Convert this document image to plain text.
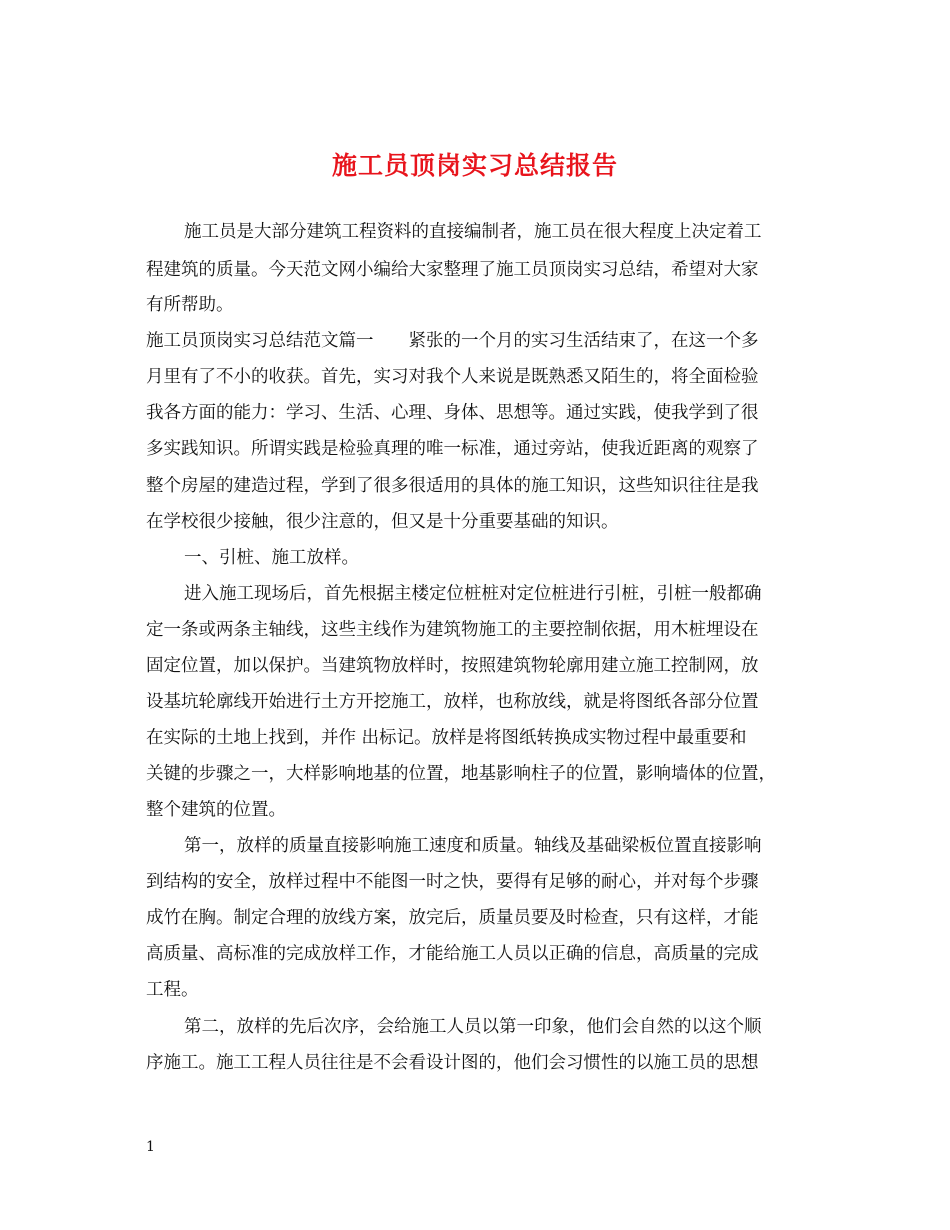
施工员顶岗实习总结报告
施工员是大部分建筑工程资料的直接编制者，施工员在很大程度上决定着工
程建筑的质量。今天范文网小编给大家整理了施工员顶岗实习总结，希望对大家
有所帮助。
施工员顶岗实习总结范文篇一　　紧张的一个月的实习生活结束了，在这一个多
月里有了不小的收获。首先，实习对我个人来说是既熟悉又陌生的，将全面检验
我各方面的能力：学习、生活、心理、身体、思想等。通过实践，使我学到了很
多实践知识。所谓实践是检验真理的唯一标准，通过旁站，使我近距离的观察了
整个房屋的建造过程，学到了很多很适用的具体的施工知识，这些知识往往是我
在学校很少接触，很少注意的，但又是十分重要基础的知识。
一、引桩、施工放样。
进入施工现场后，首先根据主楼定位桩桩对定位桩进行引桩，引桩一般都确
定一条或两条主轴线，这些主线作为建筑物施工的主要控制依据，用木桩埋设在
固定位置，加以保护。当建筑物放样时，按照建筑物轮廓用建立施工控制网，放
设基坑轮廓线开始进行土方开挖施工，放样，也称放线，就是将图纸各部分位置
在实际的土地上找到，并作 出标记。放样是将图纸转换成实物过程中最重要和
关键的步骤之一，大样影响地基的位置，地基影响柱子的位置，影响墙体的位置，
整个建筑的位置。
第一，放样的质量直接影响施工速度和质量。轴线及基础梁板位置直接影响
到结构的安全，放样过程中不能图一时之快，要得有足够的耐心，并对每个步骤
成竹在胸。制定合理的放线方案，放完后，质量员要及时检查，只有这样，才能
高质量、高标准的完成放样工作，才能给施工人员以正确的信息，高质量的完成
工程。
第二，放样的先后次序，会给施工人员以第一印象，他们会自然的以这个顺
序施工。施工工程人员往往是不会看设计图的，他们会习惯性的以施工员的思想
1
